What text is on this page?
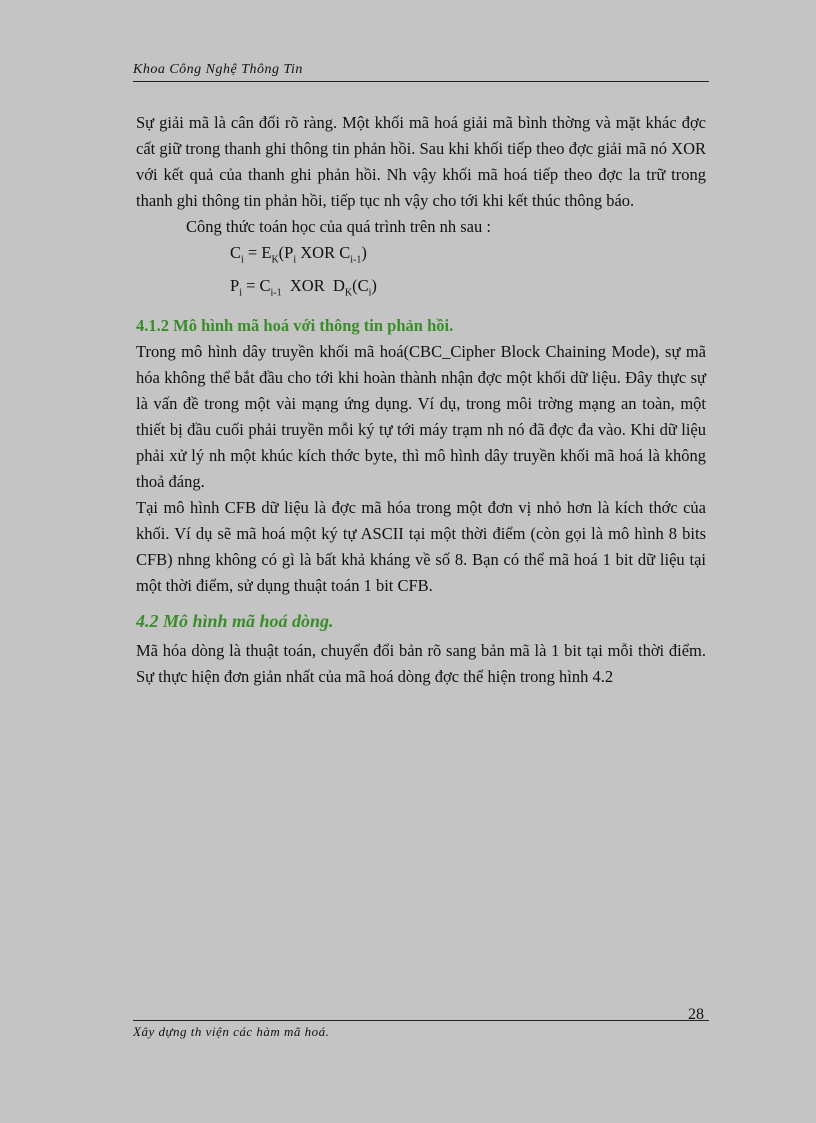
Khoa Công Nghệ Thông Tin

Sự giải mã là cân đối rõ ràng. Một khối mã hoá giải mã bình thờng và mặt khác đợc cất giữ trong thanh ghi thông tin phản hồi. Sau khi khối tiếp theo đợc giải mã nó XOR với kết quả của thanh ghi phản hồi. Nh vậy khối mã hoá tiếp theo đợc la trữ trong thanh ghi thông tin phản hồi, tiếp tục nh vậy cho tới khi kết thúc thông báo.

Công thức toán học của quá trình trên nh sau :

$C_i = E_K(P_i$ XOR $C_{i-1}$)
$P_i = C_{i-1}$  XOR  $D_K(C_i)$
4.1.2 Mô hình mã hoá với thông tin phản hồi.

Trong mô hình dây truyền khối mã hoá(CBC_Cipher Block Chaining Mode), sự mã hóa không thể bắt đầu cho tới khi hoàn thành nhận đợc một khối dữ liệu. Đây thực sự là vấn đề trong một vài mạng ứng dụng. Ví dụ, trong môi trờng mạng an toàn, một thiết bị đầu cuối phải truyền mỗi ký tự tới máy trạm nh nó đã đợc đa vào. Khi dữ liệu phải xử lý nh một khúc kích thớc byte, thì mô hình dây truyền khối mã hoá là không thoả đáng.

Tại mô hình CFB dữ liệu là đợc mã hóa trong một đơn vị nhỏ hơn là kích thớc của khối. Ví dụ sẽ mã hoá một ký tự ASCII tại một thời điểm (còn gọi là mô hình 8 bits CFB) nhng không có gì là bất khả kháng về số 8. Bạn có thể mã hoá 1 bit dữ liệu tại một thời điểm, sử dụng thuật toán 1 bit CFB.

4.2 Mô hình mã hoá dòng.

Mã hóa dòng là thuật toán, chuyển đổi bản rõ sang bản mã là 1 bit tại mỗi thời điểm. Sự thực hiện đơn giản nhất của mã hoá dòng đợc thể hiện trong hình 4.2

28
Xây dựng th viện các hàm mã hoá.
